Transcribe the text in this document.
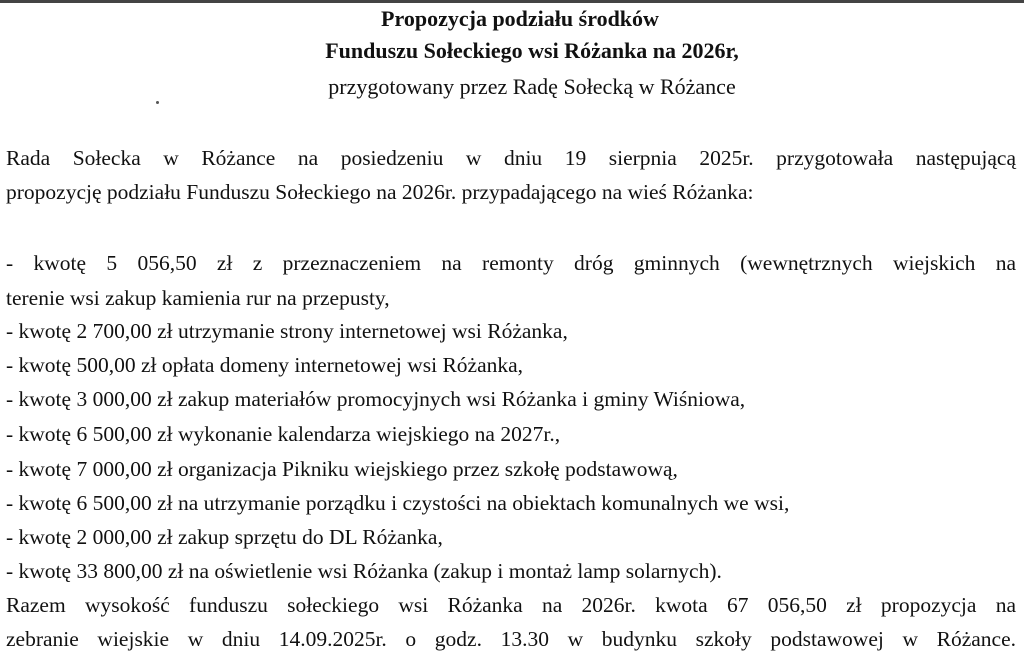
Propozycja podziału środków
Funduszu Sołeckiego wsi Różanka na 2026r,
przygotowany przez Radę Sołecką w Różance
Rada Sołecka w Różance na posiedzeniu w dniu 19 sierpnia 2025r. przygotowała następującą
propozycję podziału Funduszu Sołeckiego na 2026r. przypadającego na wieś Różanka:
- kwotę 5 056,50 zł z przeznaczeniem na remonty dróg gminnych (wewnętrznych wiejskich na
terenie wsi zakup kamienia rur na przepusty,
- kwotę 2 700,00 zł utrzymanie strony internetowej wsi Różanka,
- kwotę 500,00 zł opłata domeny internetowej wsi Różanka,
- kwotę 3 000,00 zł zakup materiałów promocyjnych wsi Różanka i gminy Wiśniowa,
- kwotę 6 500,00 zł wykonanie kalendarza wiejskiego na 2027r.,
- kwotę 7 000,00 zł organizacja Pikniku wiejskiego przez szkołę podstawową,
- kwotę 6 500,00 zł na utrzymanie porządku i czystości na obiektach komunalnych we wsi,
- kwotę 2 000,00 zł zakup sprzętu do DL Różanka,
- kwotę 33 800,00 zł na oświetlenie wsi Różanka (zakup i montaż lamp solarnych).
Razem wysokość funduszu sołeckiego wsi Różanka na 2026r. kwota 67 056,50 zł propozycja na
zebranie wiejskie w dniu 14.09.2025r. o godz. 13.30 w budynku szkoły podstawowej w Różance.
